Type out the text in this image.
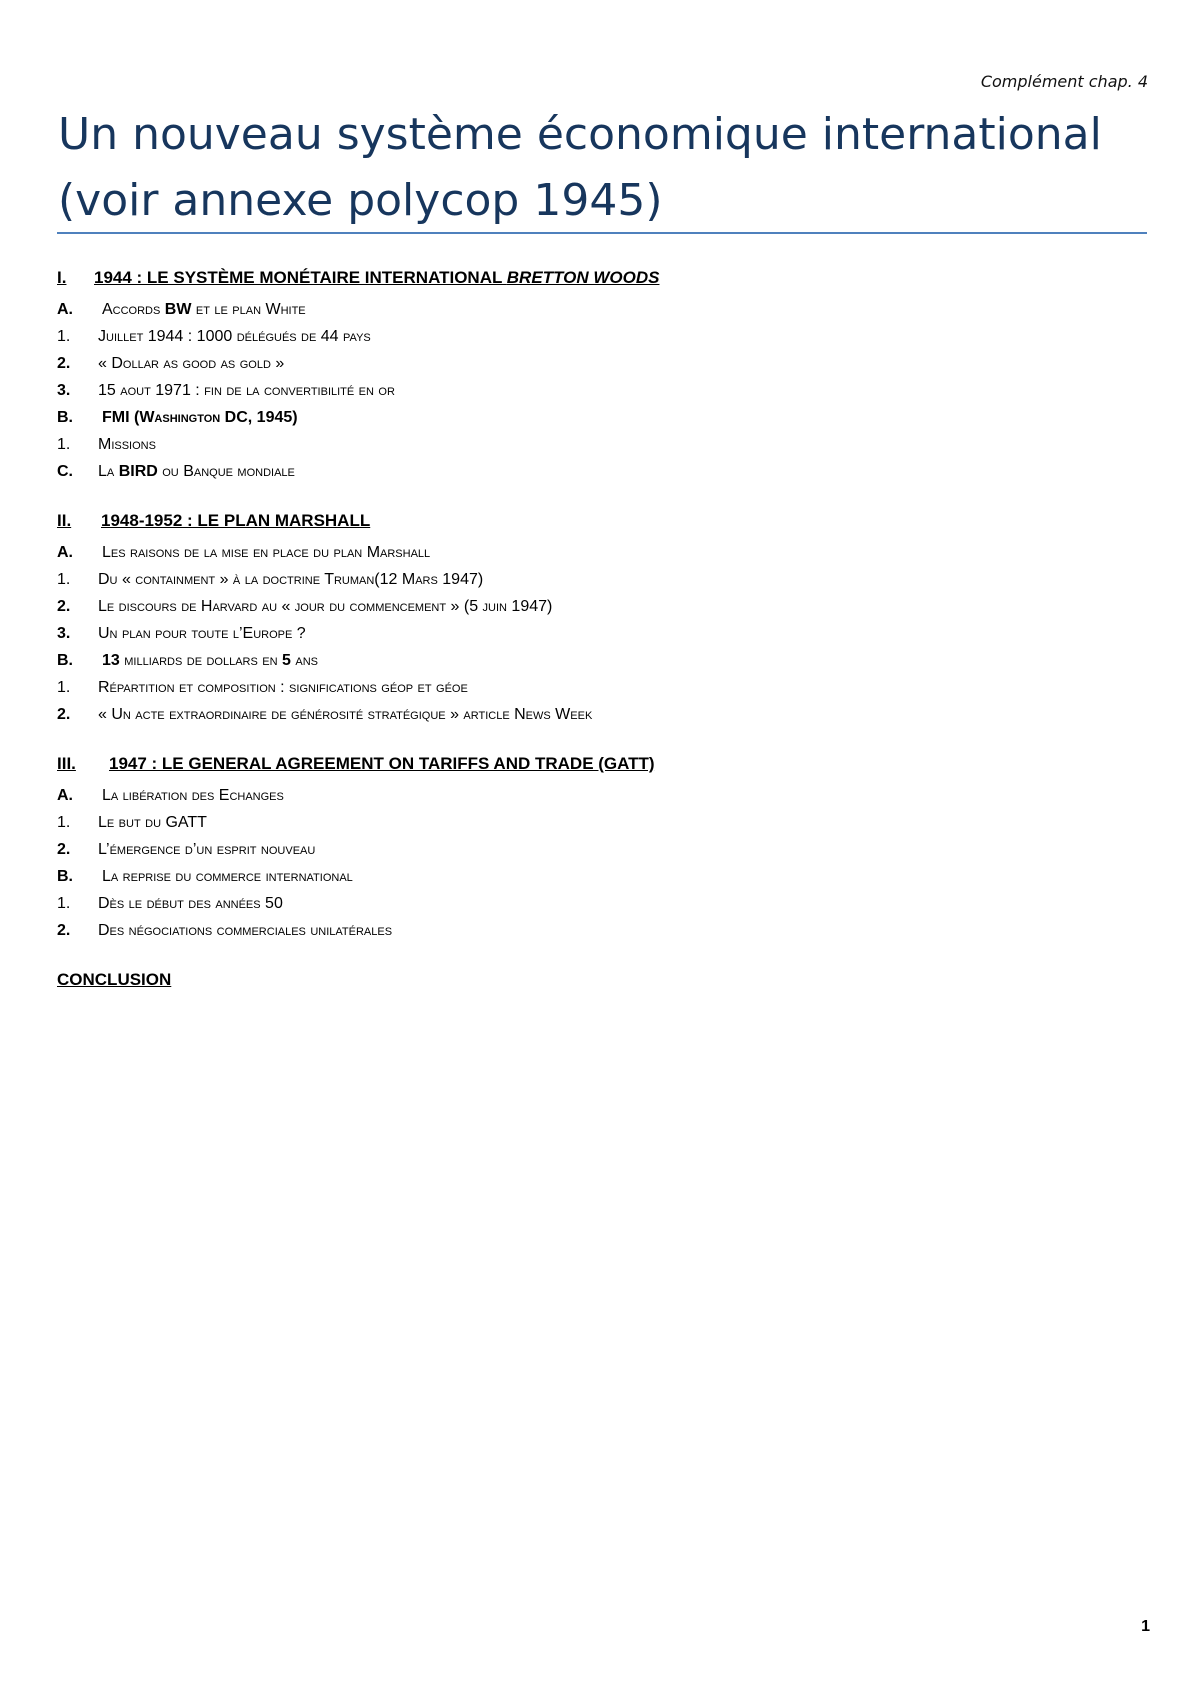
Complément chap. 4
Un nouveau système économique international
(voir annexe polycop 1945)
I.	1944 : LE SYSTÈME MONÉTAIRE INTERNATIONAL BRETTON WOODS
A.	Accords BW et le plan White
1.	Juillet 1944 : 1000 délégués de 44 pays
2.	« Dollar as good as gold »
3.	15 aout 1971 : fin de la convertibilité en or
B.	FMI (Washington DC, 1945)
1.	Missions
C.	La BIRD ou Banque mondiale
II.	1948-1952 : LE PLAN MARSHALL
A.	Les raisons de la mise en place du plan Marshall
1.	Du « containment » à la doctrine Truman(12 Mars 1947)
2.	Le discours de Harvard au « jour du commencement » (5 juin 1947)
3.	Un plan pour toute l’Europe ?
B.	13 milliards de dollars en 5 ans
1.	Répartition et composition : significations géop et géoe
2.	« Un acte extraordinaire de générosité stratégique » article News Week
III.	1947 : LE GENERAL AGREEMENT ON TARIFFS AND TRADE (GATT)
A.	La libération des Echanges
1.	Le but du GATT
2.	L’émergence d’un esprit nouveau
B.	La reprise du commerce international
1.	Dès le début des années 50
2.	Des négociations commerciales unilatérales
CONCLUSION
1
